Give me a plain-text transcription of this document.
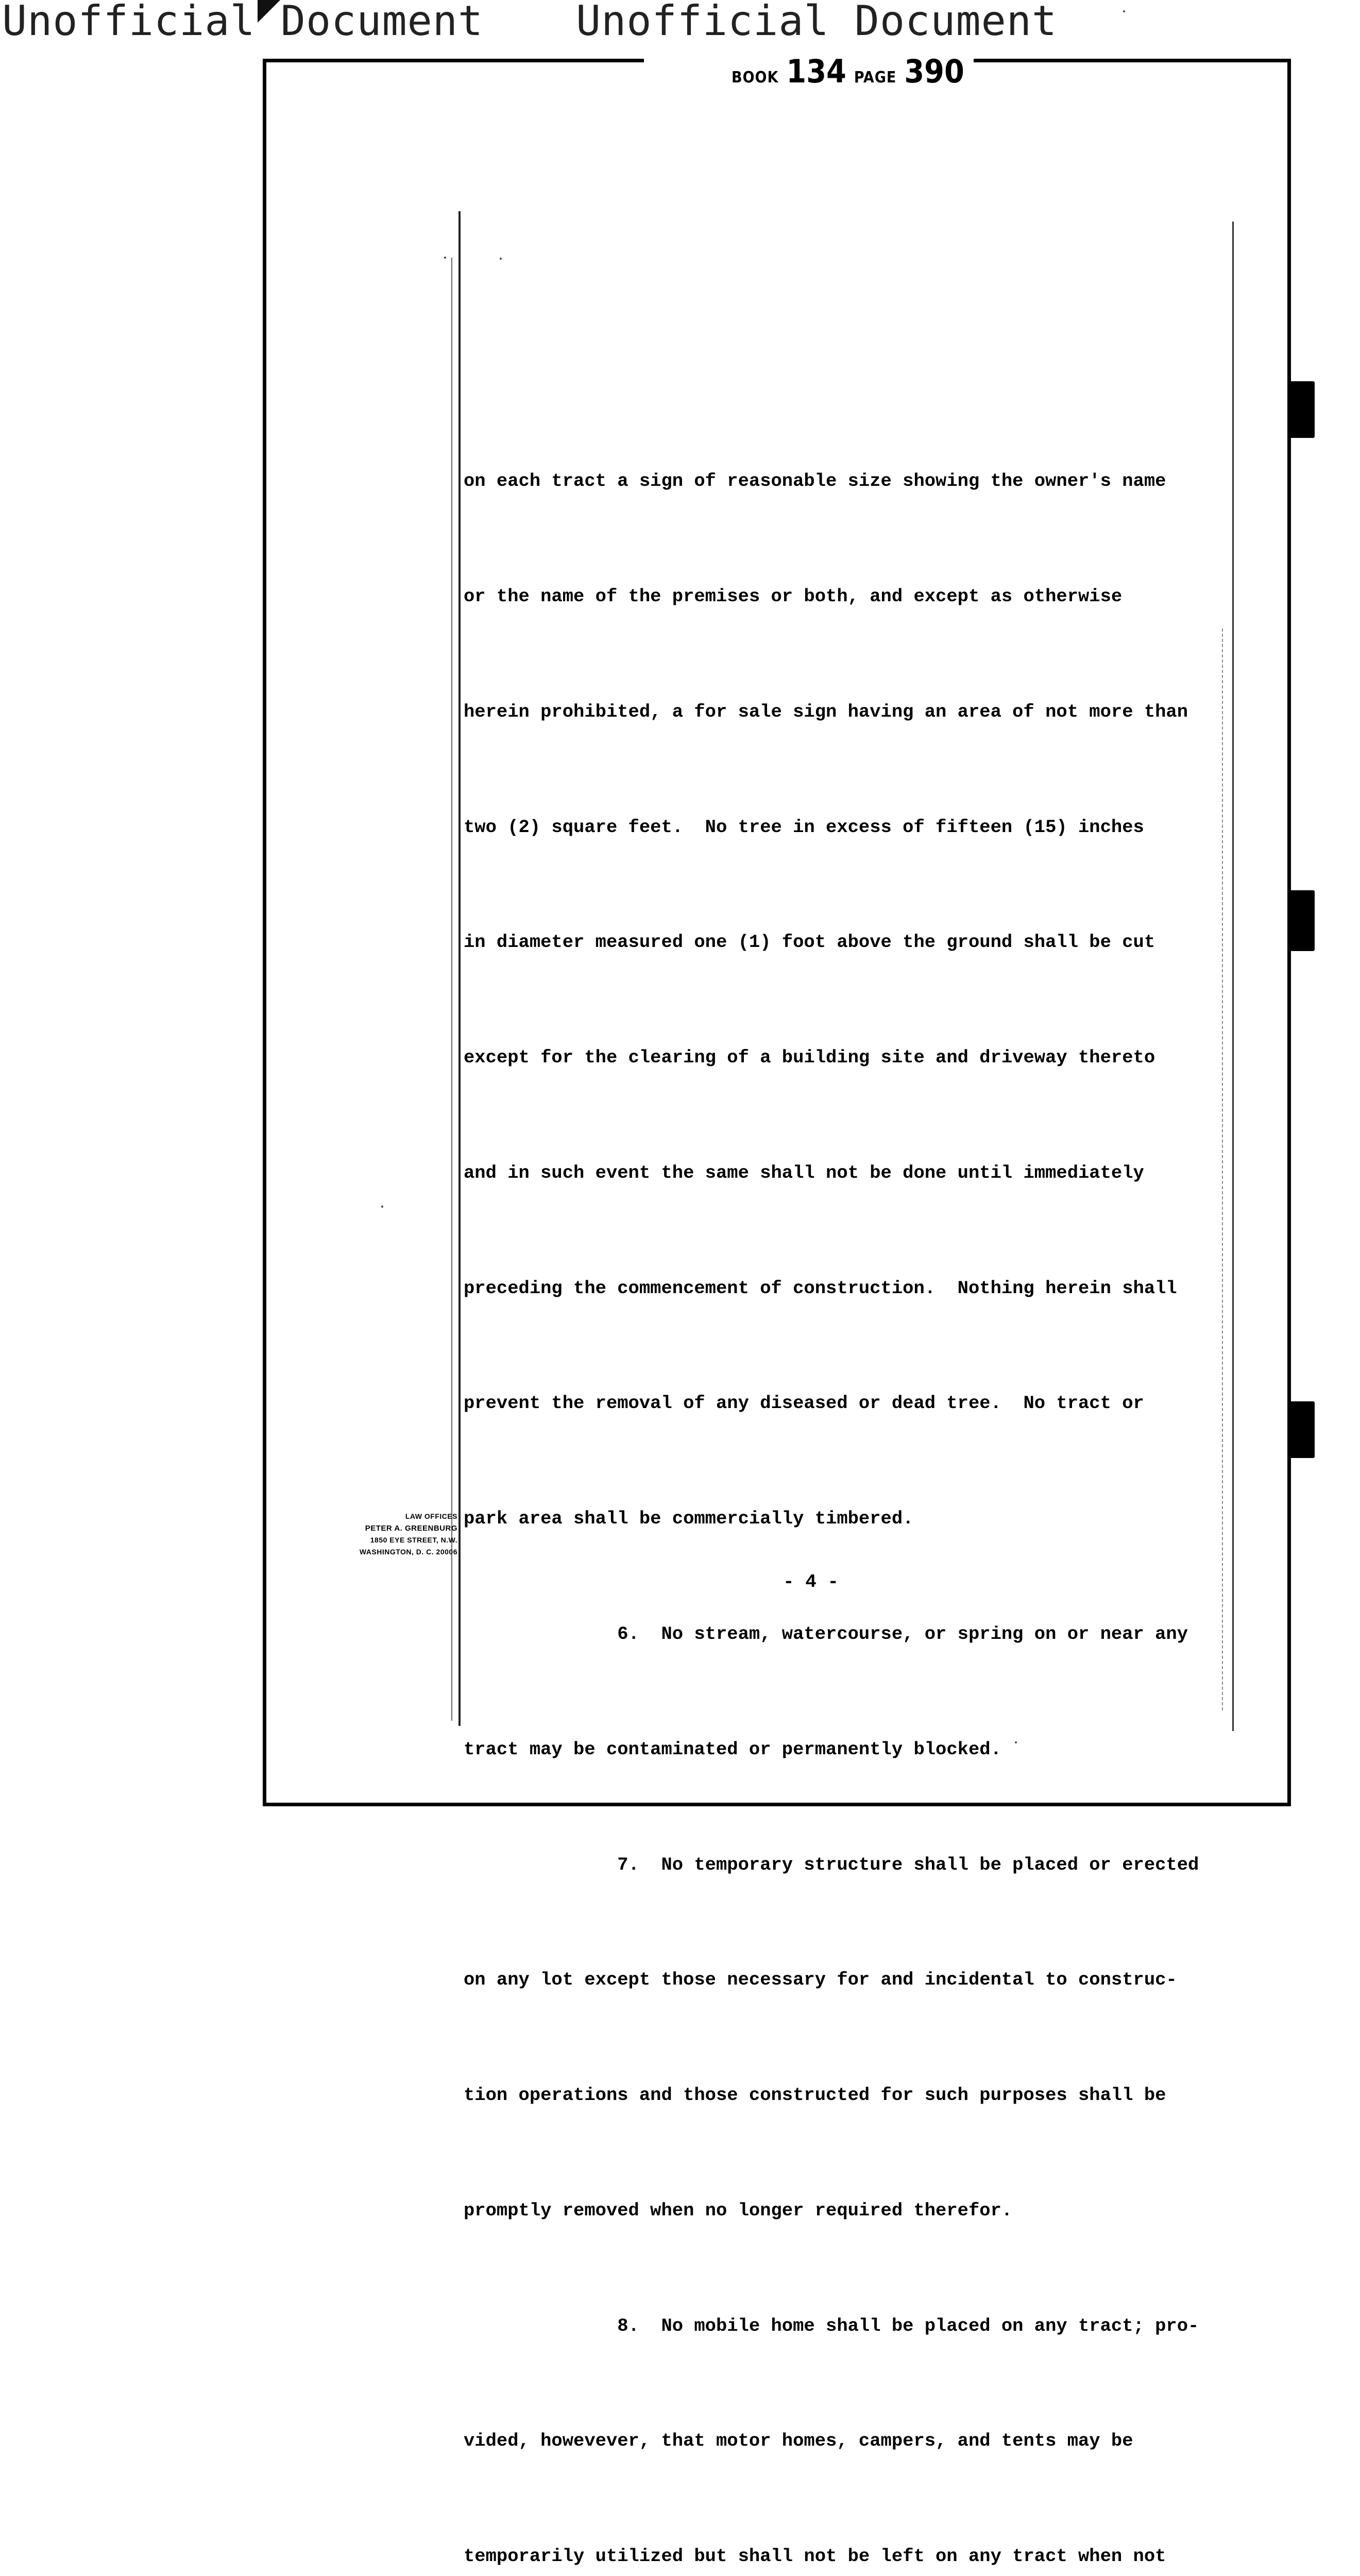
Unofficial Document Unofficial Document
BOOK 134 PAGE 390

on each tract a sign of reasonable size showing the owner's name

or the name of the premises or both, and except as otherwise

herein prohibited, a for sale sign having an area of not more than

two (2) square feet.  No tree in excess of fifteen (15) inches

in diameter measured one (1) foot above the ground shall be cut

except for the clearing of a building site and driveway thereto

and in such event the same shall not be done until immediately

preceding the commencement of construction.  Nothing herein shall

prevent the removal of any diseased or dead tree.  No tract or

park area shall be commercially timbered.

6.  No stream, watercourse, or spring on or near any

tract may be contaminated or permanently blocked.

7.  No temporary structure shall be placed or erected

on any lot except those necessary for and incidental to construc-

tion operations and those constructed for such purposes shall be

promptly removed when no longer required therefor.

8.  No mobile home shall be placed on any tract; pro-

vided, howevever, that motor homes, campers, and tents may be

temporarily utilized but shall not be left on any tract when not

LAW OFFICES
PETER A. GREENBURG
1850 EYE STREET, N.W.
WASHINGTON, D. C. 20006
- 4 -
